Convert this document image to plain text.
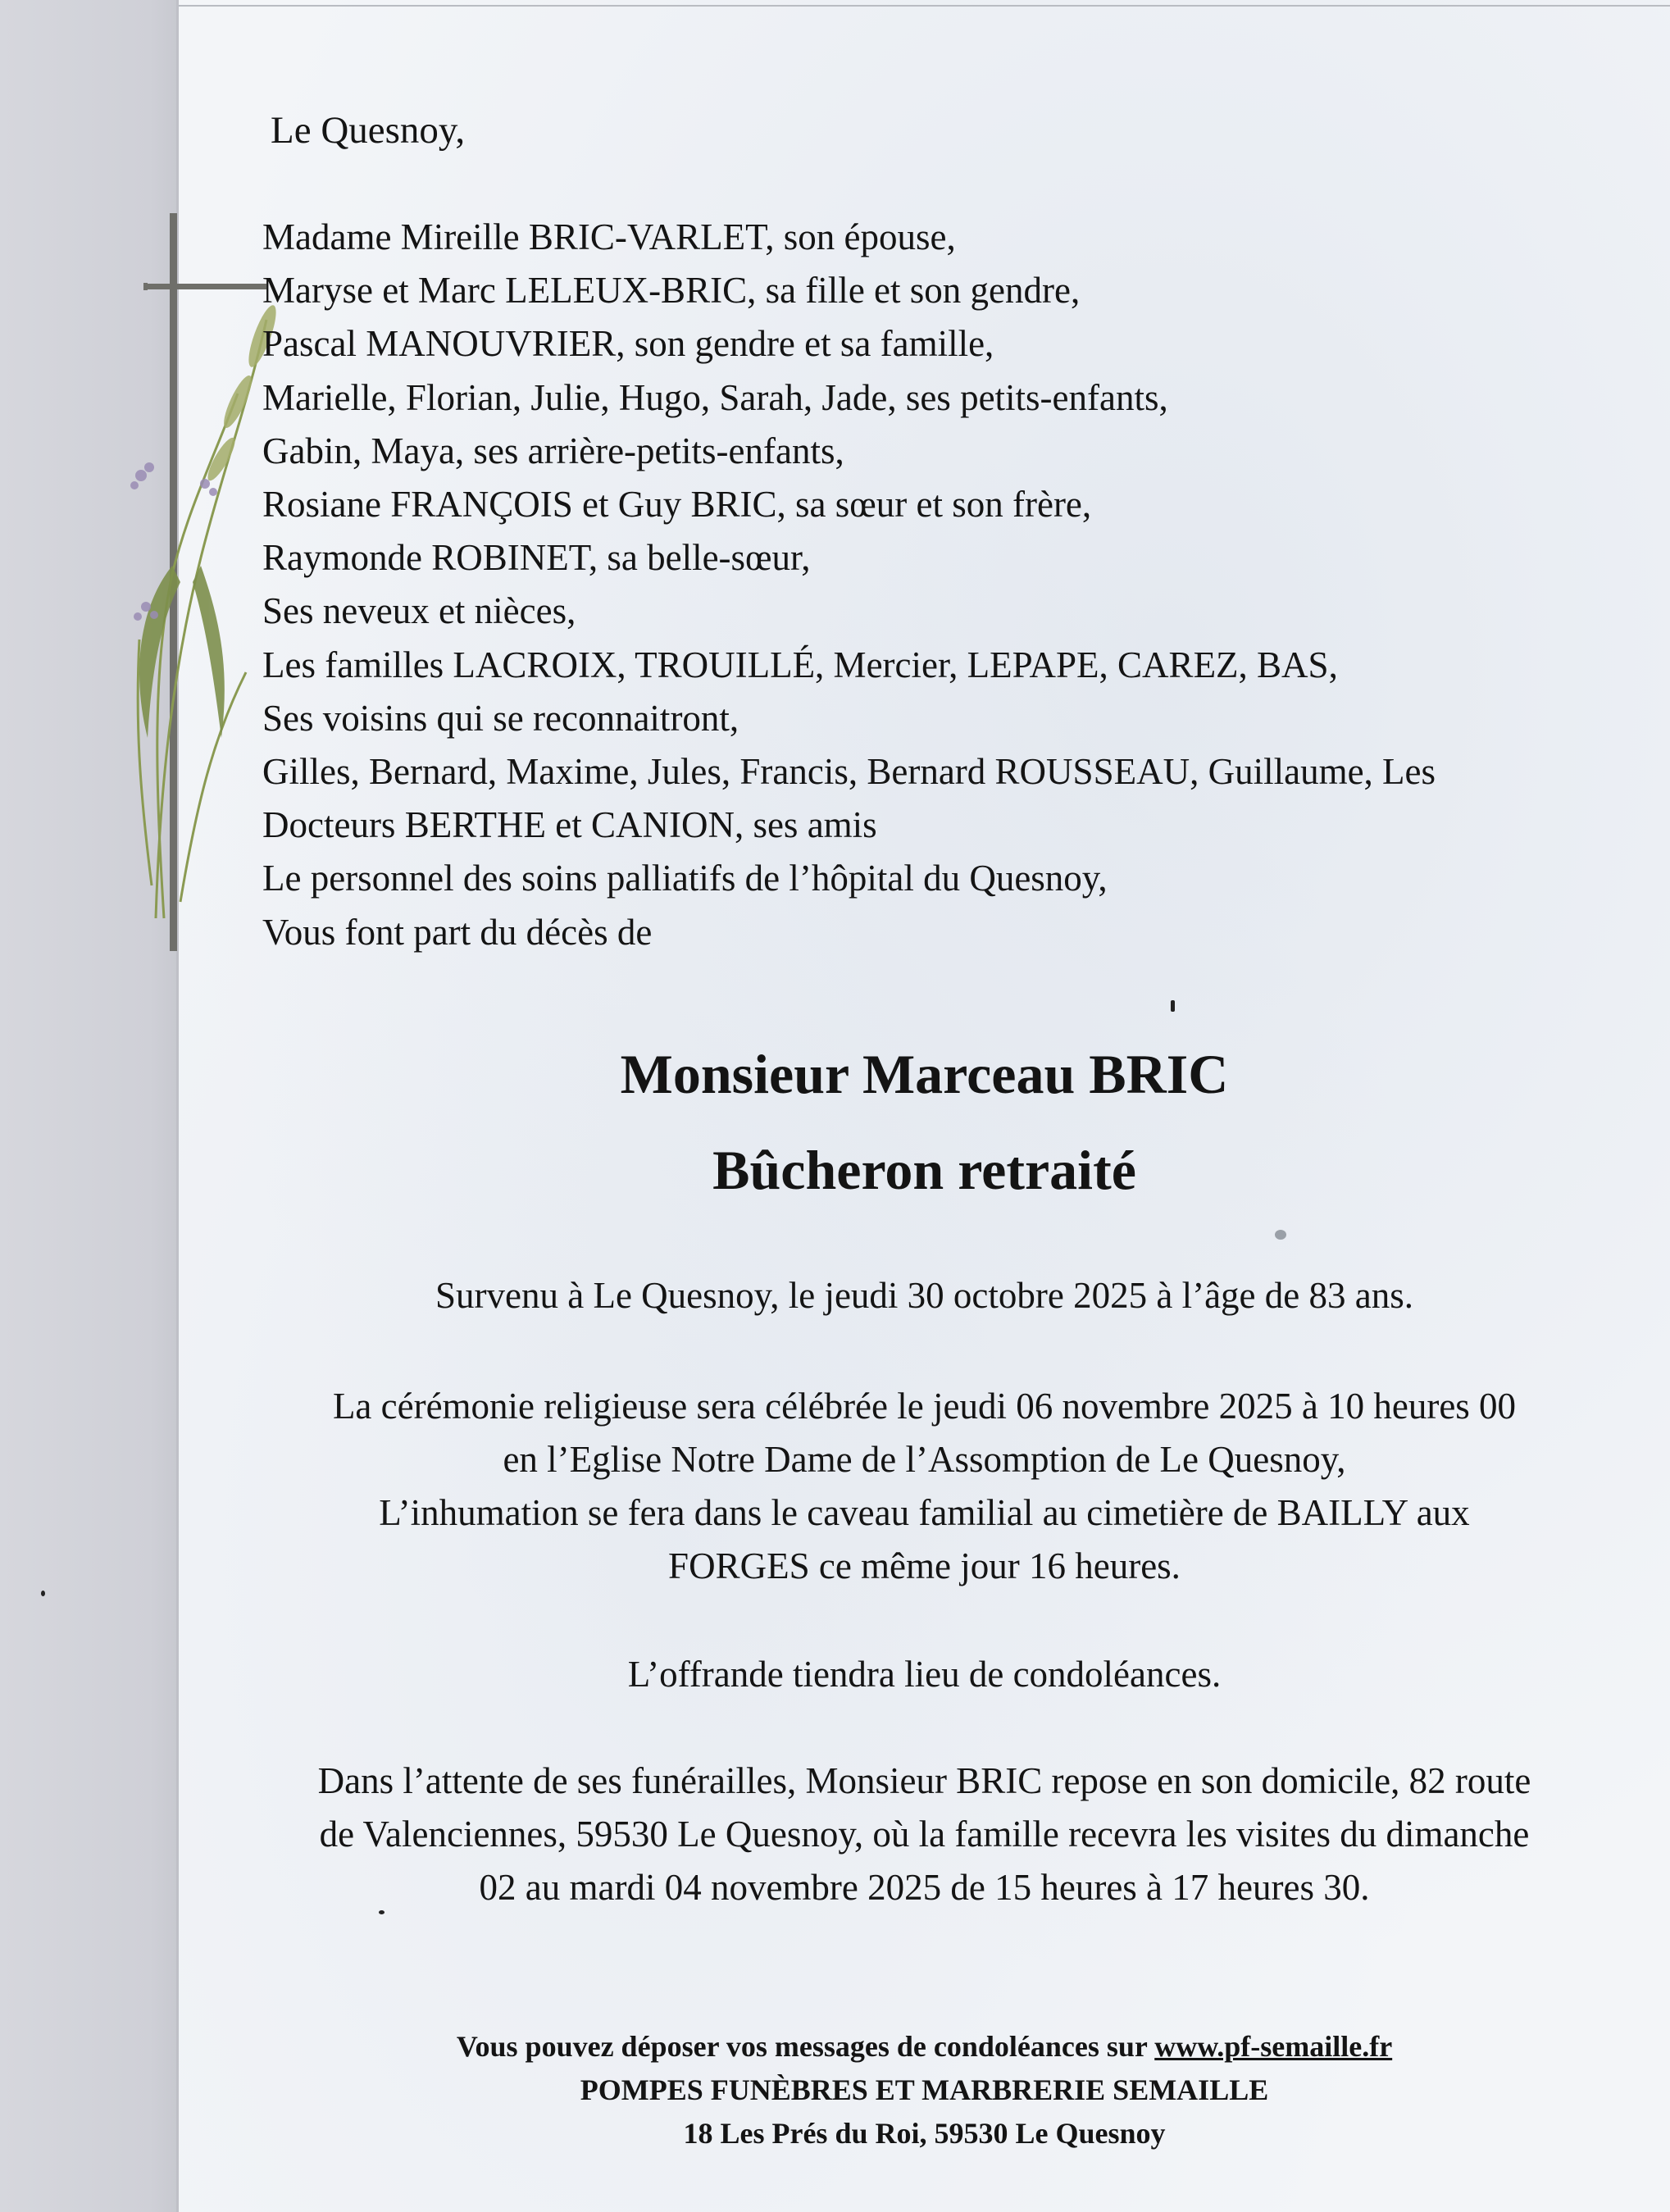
Le Quesnoy,
Madame Mireille BRIC-VARLET, son épouse,
Maryse et Marc LELEUX-BRIC, sa fille et son gendre,
Pascal MANOUVRIER, son gendre et sa famille,
Marielle, Florian, Julie, Hugo, Sarah, Jade, ses petits-enfants,
Gabin, Maya, ses arrière-petits-enfants,
Rosiane FRANÇOIS et Guy BRIC, sa sœur et son frère,
Raymonde ROBINET, sa belle-sœur,
Ses neveux et nièces,
Les familles LACROIX, TROUILLÉ, Mercier, LEPAPE, CAREZ, BAS,
Ses voisins qui se reconnaitront,
Gilles, Bernard, Maxime, Jules, Francis, Bernard ROUSSEAU, Guillaume, Les
Docteurs BERTHE et CANION, ses amis
Le personnel des soins palliatifs de l’hôpital du Quesnoy,
Vous font part du décès de
Monsieur Marceau BRIC
Bûcheron retraité
Survenu à Le Quesnoy, le jeudi 30 octobre 2025 à l’âge de 83 ans.
La cérémonie religieuse sera célébrée le jeudi 06 novembre 2025 à 10 heures 00
en l’Eglise Notre Dame de l’Assomption de Le Quesnoy,
L’inhumation se fera dans le caveau familial au cimetière de BAILLY aux
FORGES ce même jour 16 heures.
L’offrande tiendra lieu de condoléances.
Dans l’attente de ses funérailles, Monsieur BRIC repose en son domicile, 82 route
de Valenciennes, 59530 Le Quesnoy, où la famille recevra les visites du dimanche
02 au mardi 04 novembre 2025 de 15 heures à 17 heures 30.
Vous pouvez déposer vos messages de condoléances sur www.pf-semaille.fr
POMPES FUNÈBRES ET MARBRERIE SEMAILLE
18 Les Prés du Roi, 59530 Le Quesnoy
